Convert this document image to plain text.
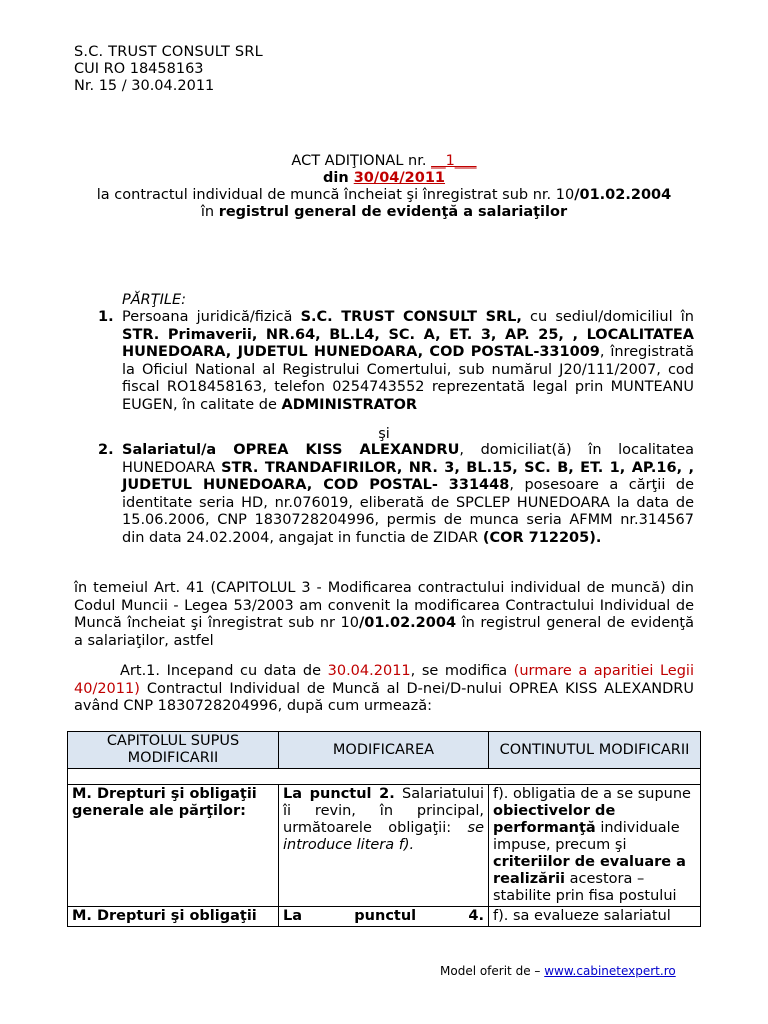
S.C. TRUST CONSULT SRL
CUI RO 18458163
Nr. 15 / 30.04.2011
ACT ADIŢIONAL nr. __1___
din 30/04/2011
la contractul individual de muncă încheiat şi înregistrat sub nr. 10/01.02.2004
în registrul general de evidenţă a salariaţilor
PĂRŢILE:
1. Persoana juridică/fizică S.C. TRUST CONSULT SRL, cu sediul/domiciliul în STR. Primaverii, NR.64, BL.L4, SC. A, ET. 3, AP. 25, , LOCALITATEA HUNEDOARA, JUDETUL HUNEDOARA, COD POSTAL-331009, înregistrată la Oficiul National al Registrului Comertului, sub numărul J20/111/2007, cod fiscal RO18458163, telefon 0254743552 reprezentată legal prin MUNTEANU EUGEN, în calitate de ADMINISTRATOR
şi
2. Salariatul/a OPREA KISS ALEXANDRU, domiciliat(ă) în localitatea HUNEDOARA STR. TRANDAFIRILOR, NR. 3, BL.15, SC. B, ET. 1, AP.16, , JUDETUL HUNEDOARA, COD POSTAL- 331448, posesoare a cărţii de identitate seria HD, nr.076019, eliberată de SPCLEP HUNEDOARA la data de 15.06.2006, CNP 1830728204996, permis de munca seria AFMM nr.314567 din data 24.02.2004, angajat in functia de ZIDAR (COR 712205).
în temeiul Art. 41 (CAPITOLUL 3 - Modificarea contractului individual de muncă) din Codul Muncii - Legea 53/2003 am convenit la modificarea Contractului Individual de Muncă încheiat şi înregistrat sub nr 10/01.02.2004 în registrul general de evidenţă a salariaţilor, astfel
Art.1. Incepand cu data de 30.04.2011, se modifica (urmare a aparitiei Legii 40/2011) Contractul Individual de Muncă al D-nei/D-nului OPREA KISS ALEXANDRU având CNP 1830728204996, după cum urmează:
CAPITOLUL SUPUS MODIFICARII	MODIFICAREA	CONTINUTUL MODIFICARII

M. Drepturi şi obligaţii generale ale părţilor:	La punctul 2. Salariatului îi revin, în principal, următoarele obligaţii: se introduce litera f).	f). obligatia de a se supune obiectivelor de performanţă individuale impuse, precum şi criteriilor de evaluare a realizării acestora – stabilite prin fisa postului
M. Drepturi şi obligaţii	La punctul 4.	f). sa evalueze salariatul
Model oferit de – www.cabinetexpert.ro
